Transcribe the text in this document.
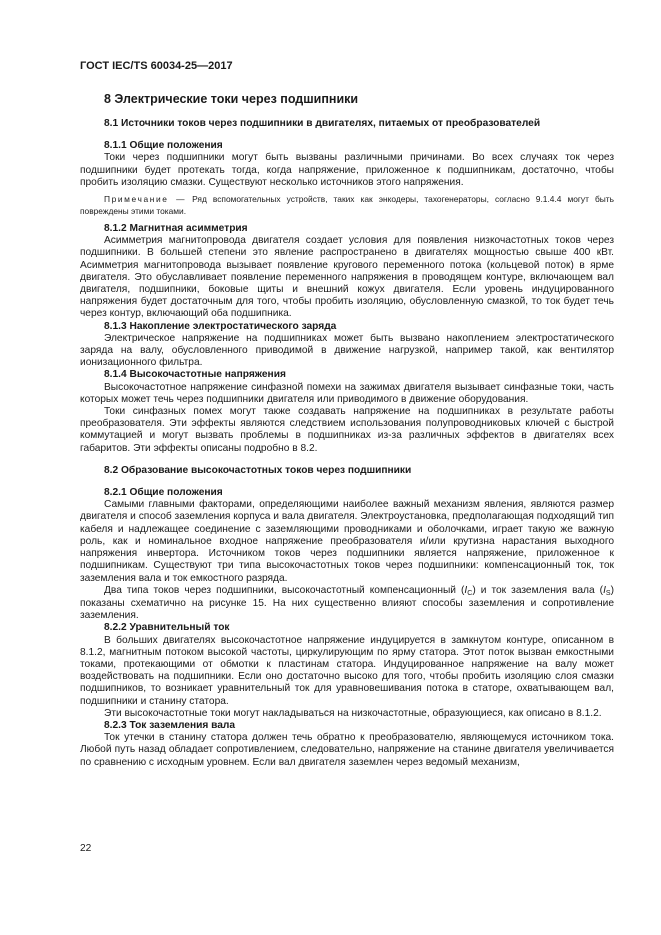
ГОСТ IEC/TS 60034-25—2017
8 Электрические токи через подшипники
8.1 Источники токов через подшипники в двигателях, питаемых от преобразователей
8.1.1 Общие положения

Токи через подшипники могут быть вызваны различными причинами. Во всех случаях ток через подшипники будет протекать тогда, когда напряжение, приложенное к подшипникам, достаточно, чтобы пробить изоляцию смазки. Существуют несколько источников этого напряжения.

Примечание — Ряд вспомогательных устройств, таких как энкодеры, тахогенераторы, согласно 9.1.4.4 могут быть повреждены этими токами.
8.1.2 Магнитная асимметрия

Асимметрия магнитопровода двигателя создает условия для появления низкочастотных токов через подшипники. В большей степени это явление распространено в двигателях мощностью свыше 400 кВт. Асимметрия магнитопровода вызывает появление кругового переменного потока (кольцевой поток) в ярме двигателя. Это обуславливает появление переменного напряжения в проводящем контуре, включающем вал двигателя, подшипники, боковые щиты и внешний кожух двигателя. Если уровень индуцированного напряжения будет достаточным для того, чтобы пробить изоляцию, обусловленную смазкой, то ток будет течь через контур, включающий оба подшипника.

8.1.3 Накопление электростатического заряда

Электрическое напряжение на подшипниках может быть вызвано накоплением электростатического заряда на валу, обусловленного приводимой в движение нагрузкой, например такой, как вентилятор ионизационного фильтра.

8.1.4 Высокочастотные напряжения

Высокочастотное напряжение синфазной помехи на зажимах двигателя вызывает синфазные токи, часть которых может течь через подшипники двигателя или приводимого в движение оборудования.

Токи синфазных помех могут также создавать напряжение на подшипниках в результате работы преобразователя. Эти эффекты являются следствием использования полупроводниковых ключей с быстрой коммутацией и могут вызвать проблемы в подшипниках из-за различных эффектов в двигателях всех габаритов. Эти эффекты описаны подробно в 8.2.

8.2 Образование высокочастотных токов через подшипники
8.2.1 Общие положения

Самыми главными факторами, определяющими наиболее важный механизм явления, являются размер двигателя и способ заземления корпуса и вала двигателя. Электроустановка, предполагающая подходящий тип кабеля и надлежащее соединение с заземляющими проводниками и оболочками, играет такую же важную роль, как и номинальное входное напряжение преобразователя и/или крутизна нарастания выходного напряжения инвертора. Источником токов через подшипники является напряжение, приложенное к подшипникам. Существуют три типа высокочастотных токов через подшипники: компенсационный ток, ток заземления вала и ток емкостного разряда.

Два типа токов через подшипники, высокочастотный компенсационный (IC) и ток заземления вала (IS) показаны схематично на рисунке 15. На них существенно влияют способы заземления и сопротивление заземления.

8.2.2 Уравнительный ток

В больших двигателях высокочастотное напряжение индуцируется в замкнутом контуре, описанном в 8.1.2, магнитным потоком высокой частоты, циркулирующим по ярму статора. Этот поток вызван емкостными токами, протекающими от обмотки к пластинам статора. Индуцированное напряжение на валу может воздействовать на подшипники. Если оно достаточно высоко для того, чтобы пробить изоляцию слоя смазки подшипников, то возникает уравнительный ток для уравновешивания потока в статоре, охватывающем вал, подшипники и станину статора.

Эти высокочастотные токи могут накладываться на низкочастотные, образующиеся, как описано в 8.1.2.

8.2.3 Ток заземления вала

Ток утечки в станину статора должен течь обратно к преобразователю, являющемуся источником тока. Любой путь назад обладает сопротивлением, следовательно, напряжение на станине двигателя увеличивается по сравнению с исходным уровнем. Если вал двигателя заземлен через ведомый механизм,

22
